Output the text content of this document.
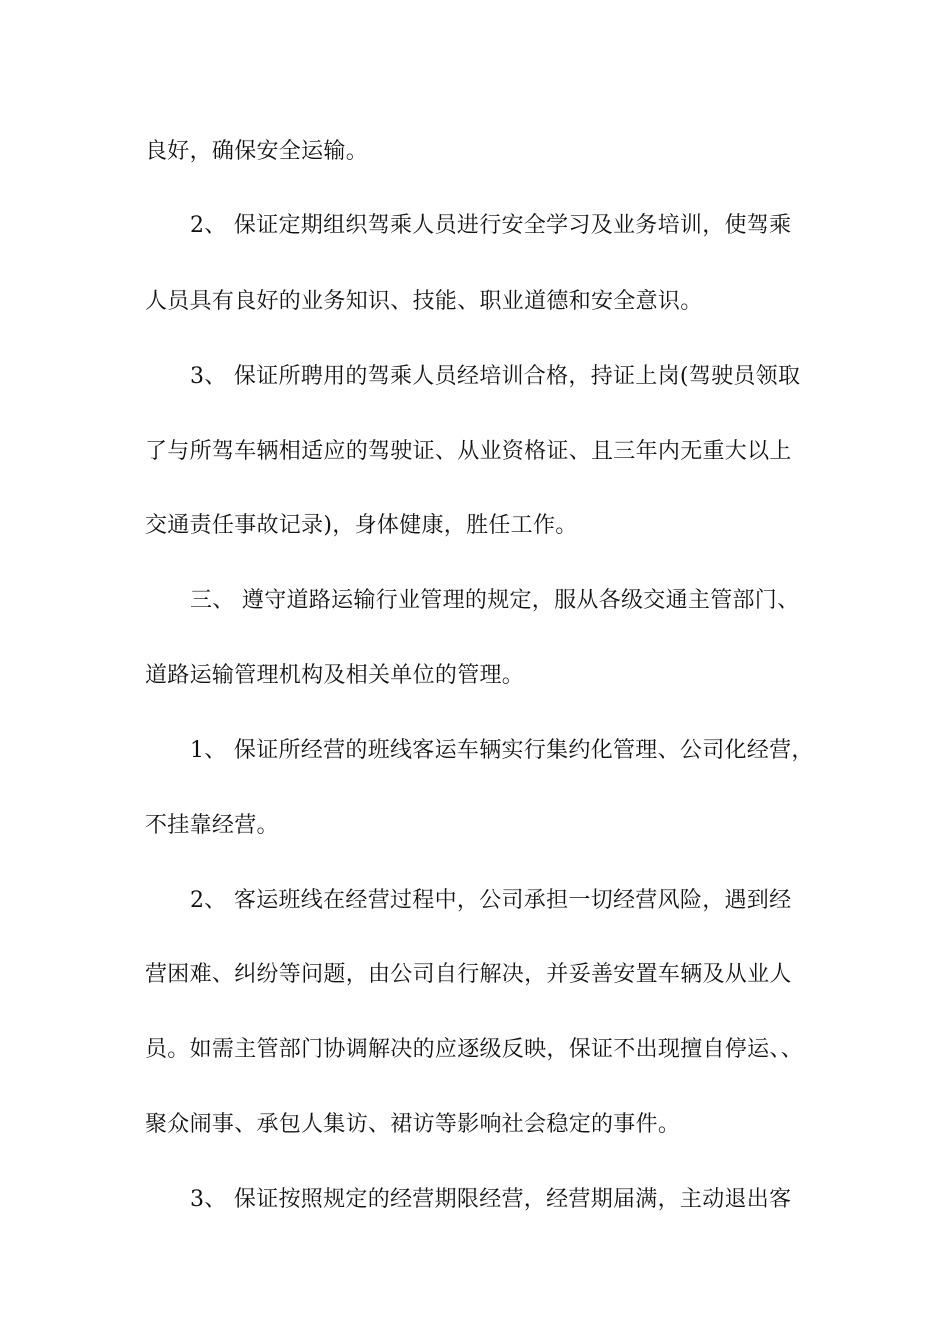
良好，确保安全运输。
2、 保证定期组织驾乘人员进行安全学习及业务培训，使驾乘
人员具有良好的业务知识、技能、职业道德和安全意识。
3、 保证所聘用的驾乘人员经培训合格，持证上岗(驾驶员领取
了与所驾车辆相适应的驾驶证、从业资格证、且三年内无重大以上
交通责任事故记录)，身体健康，胜任工作。
三、 遵守道路运输行业管理的规定，服从各级交通主管部门、
道路运输管理机构及相关单位的管理。
1、 保证所经营的班线客运车辆实行集约化管理、公司化经营，
不挂靠经营。
2、 客运班线在经营过程中，公司承担一切经营风险，遇到经
营困难、纠纷等问题，由公司自行解决，并妥善安置车辆及从业人
员。如需主管部门协调解决的应逐级反映，保证不出现擅自停运、、
聚众闹事、承包人集访、裙访等影响社会稳定的事件。
3、 保证按照规定的经营期限经营，经营期届满，主动退出客
